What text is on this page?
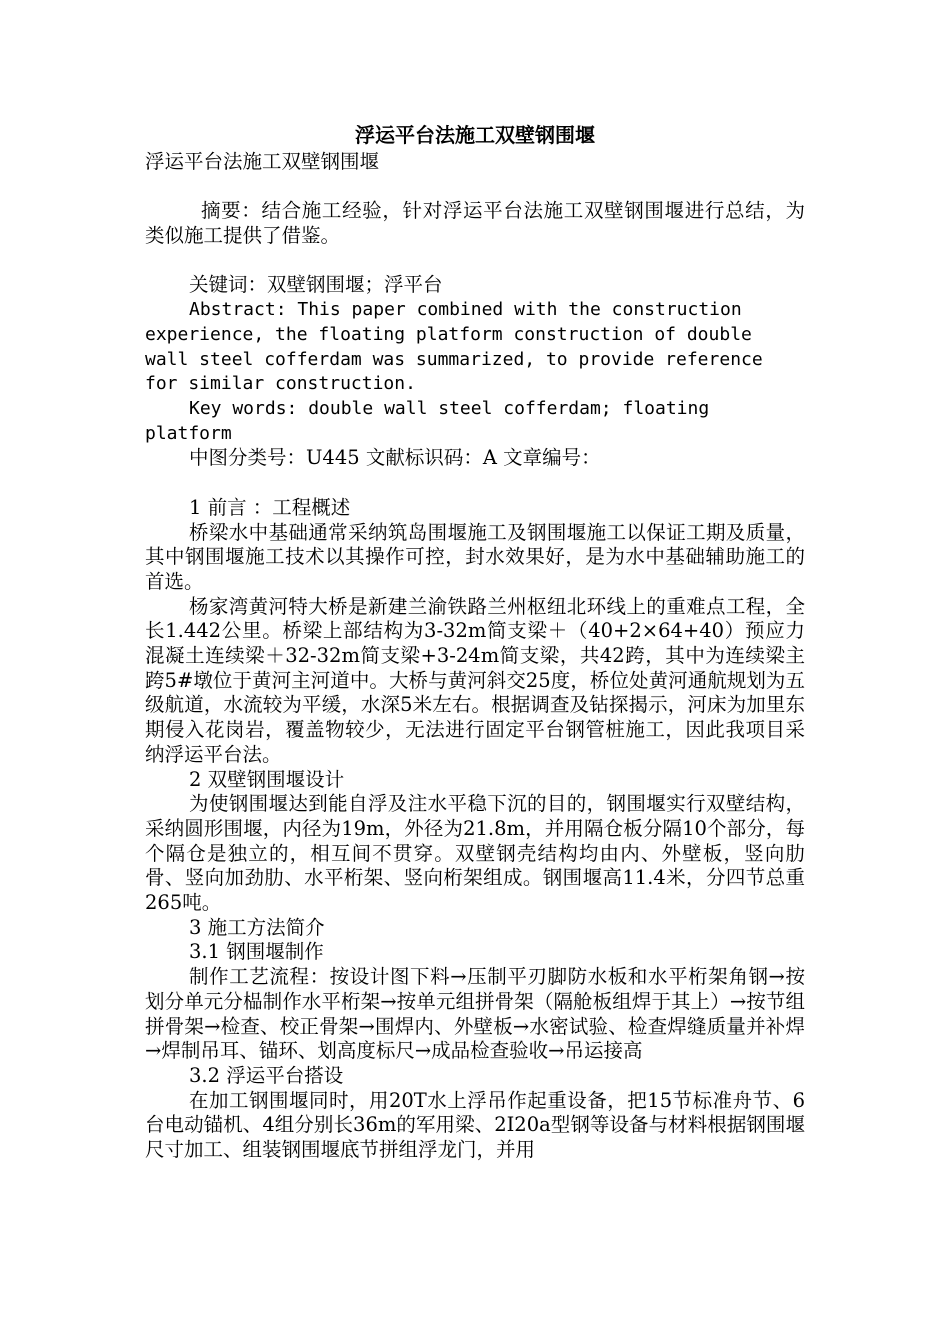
浮运平台法施工双壁钢围堰

浮运平台法施工双壁钢围堰

摘要：结合施工经验，针对浮运平台法施工双壁钢围堰进行总结，为类似施工提供了借鉴。

关键词：双壁钢围堰；浮平台

Abstract: This paper combined with the construction experience, the floating platform construction of double wall steel cofferdam was summarized, to provide reference for similar construction.

Key words: double wall steel cofferdam; floating platform

中图分类号：U445 文献标识码：A 文章编号：

1 前言 ：工程概述

桥梁水中基础通常采纳筑岛围堰施工及钢围堰施工以保证工期及质量，其中钢围堰施工技术以其操作可控，封水效果好，是为水中基础辅助施工的首选。

杨家湾黄河特大桥是新建兰渝铁路兰州枢纽北环线上的重难点工程，全长1.442公里。桥梁上部结构为3-32m简支梁＋（40+2×64+40）预应力混凝土连续梁＋32-32m简支梁+3-24m简支梁，共42跨，其中为连续梁主跨5#墩位于黄河主河道中。大桥与黄河斜交25度，桥位处黄河通航规划为五级航道，水流较为平缓，水深5米左右。根据调查及钻探揭示，河床为加里东期侵入花岗岩，覆盖物较少，无法进行固定平台钢管桩施工，因此我项目采纳浮运平台法。

2 双壁钢围堰设计

为使钢围堰达到能自浮及注水平稳下沉的目的，钢围堰实行双壁结构，采纳圆形围堰，内径为19m，外径为21.8m，并用隔仓板分隔10个部分，每个隔仓是独立的，相互间不贯穿。双壁钢壳结构均由内、外壁板，竖向肋骨、竖向加劲肋、水平桁架、竖向桁架组成。钢围堰高11.4米，分四节总重265吨。

3 施工方法简介

3.1 钢围堰制作

制作工艺流程：按设计图下料→压制平刃脚防水板和水平桁架角钢→按划分单元分榀制作水平桁架→按单元组拼骨架（隔舱板组焊于其上）→按节组拼骨架→检查、校正骨架→围焊内、外壁板→水密试验、检查焊缝质量并补焊→焊制吊耳、锚环、划高度标尺→成品检查验收→吊运接高

3.2 浮运平台搭设

在加工钢围堰同时，用20T水上浮吊作起重设备，把15节标准舟节、6台电动锚机、4组分别长36m的军用梁、2I20a型钢等设备与材料根据钢围堰尺寸加工、组装钢围堰底节拼组浮龙门，并用
